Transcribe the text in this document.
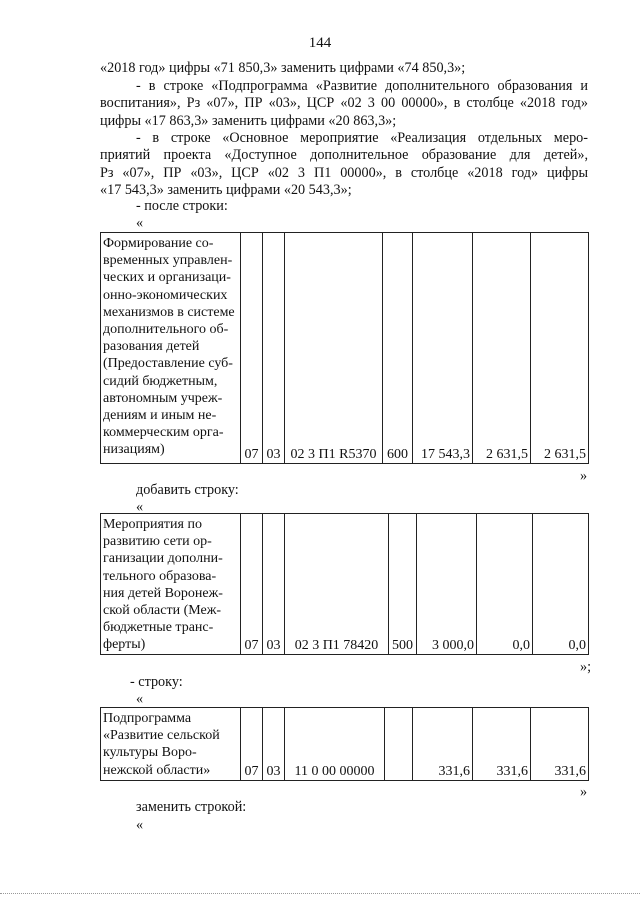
144
«2018 год» цифры «71 850,3» заменить цифрами «74 850,3»;
- в строке «Подпрограмма «Развитие дополнительного образования и
воспитания», Рз «07», ПР «03», ЦСР «02 3 00 00000», в столбце «2018 год»
цифры «17 863,3» заменить цифрами «20 863,3»;
- в строке «Основное мероприятие «Реализация отдельных меро-
приятий проекта «Доступное дополнительное образование для детей»,
Рз «07», ПР «03», ЦСР «02 3 П1 00000», в столбце «2018 год» цифры
«17 543,3» заменить цифрами «20 543,3»;
- после строки:
«
Формирование со-
временных управлен-
ческих и организаци-
онно-экономических
механизмов в системе
дополнительного об-
разования детей
(Предоставление суб-
сидий бюджетным,
автономным учреж-
дениям и иным не-
коммерческим орга-
низациям)	07	03	02 3 П1 R5370	600	17 543,3	2 631,5	2 631,5
»
добавить строку:
«
Мероприятия по
развитию сети ор-
ганизации дополни-
тельного образова-
ния детей Воронеж-
ской области (Меж-
бюджетные транс-
ферты)	07	03	02 3 П1 78420	500	3 000,0	0,0	0,0
»;
- строку:
«
Подпрограмма
«Развитие сельской
культуры Воро-
нежской области»	07	03	11 0 00 00000		331,6	331,6	331,6
»
заменить строкой:
«
